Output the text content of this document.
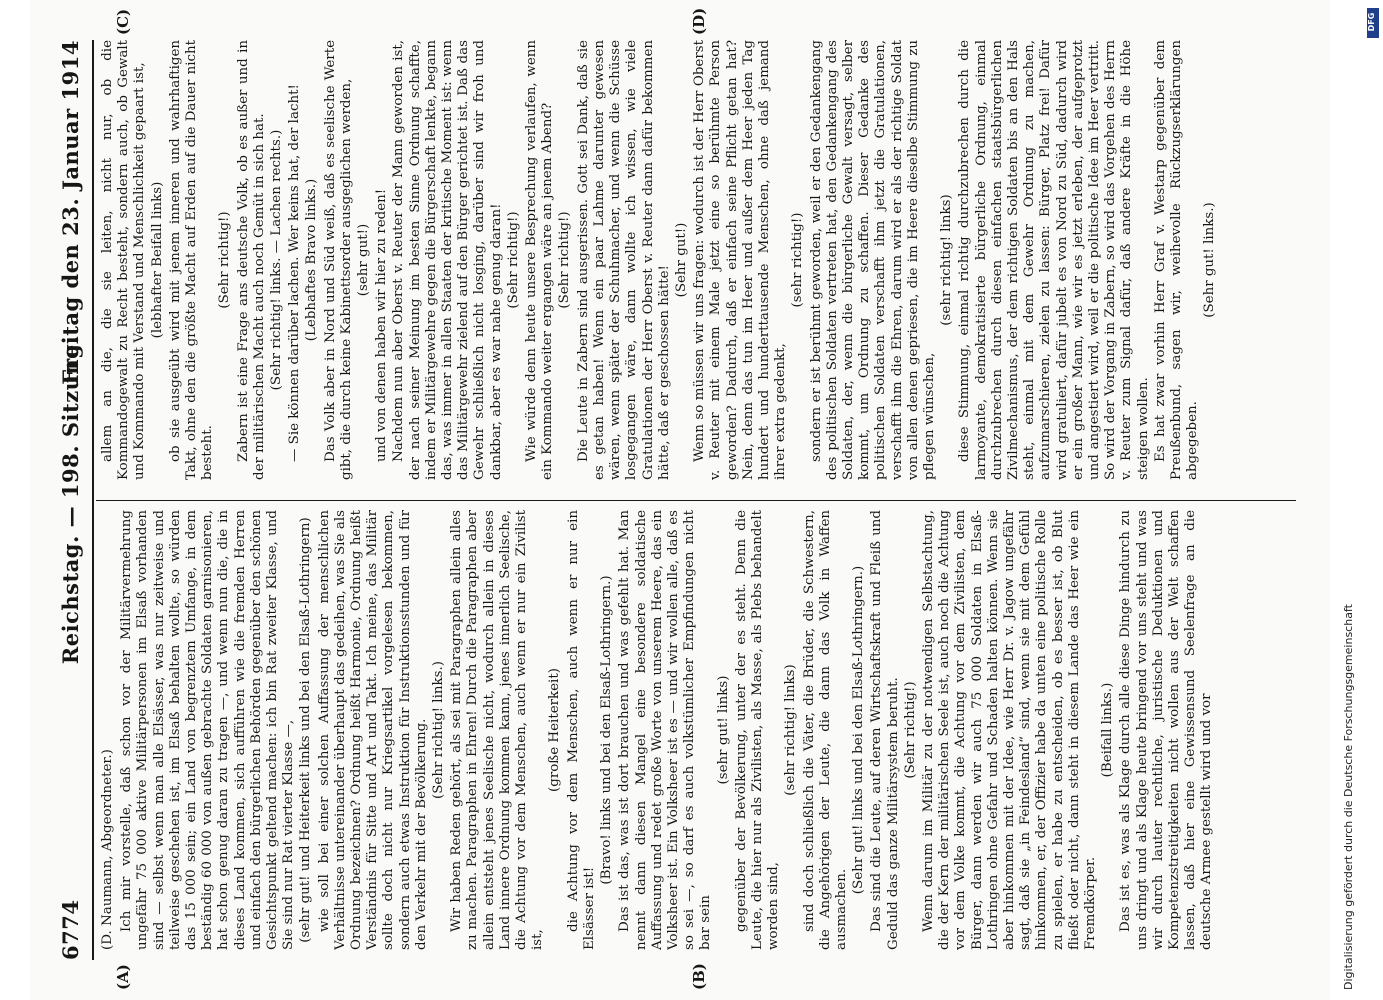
6774
Reichstag. — 198. Sitzung.
Freitag den 23. Januar 1914
(A)	(B)
(C)	(D)

(D. Naumann, Abgeordneter.) Ich mir vorstelle, daß schon vor der Militärvermehrung ungefähr 75 000 aktive Militärpersonen im Elsaß vorhanden sind — selbst wenn man alle Elsässer, was nur zeitweise und teilweise geschehen ist, im Elsaß behalten wollte, so würden das 15 000 sein; ein Land von begrenztem Umfange, in dem beständig 60 000 von außen gebrachte Soldaten garnisonieren, hat schon genug daran zu tragen —, und wenn nun die, die in dieses Land kommen, sich aufführen wie die fremden Herren und einfach den bürgerlichen Behörden gegenüber den schönen Gesichtspunkt geltend machen: ich bin Rat zweiter Klasse, und Sie sind nur Rat vierter Klasse —, (sehr gut! und Heiterkeit links und bei den Elsaß-Lothringern) wie soll bei einer solchen Auffassung der menschlichen Verhältnisse untereinander überhaupt das gedeihen, was Sie als Ordnung bezeichnen? Ordnung heißt Harmonie, Ordnung heißt Verständnis für Sitte und Art und Takt. Ich meine, das Militär sollte doch nicht nur Kriegsartikel vorgelesen bekommen, sondern auch etwas Instruktion für Instruktionsstunden und für den Verkehr mit der Bevölkerung. (Sehr richtig! links.) Wir haben Reden gehört, als sei mit Paragraphen allein alles zu machen. Paragraphen in Ehren! Durch die Paragraphen aber allein entsteht jenes Seelische nicht, wodurch allein in dieses Land innere Ordnung kommen kann, jenes innerlich Seelische, die Achtung vor dem Menschen, auch wenn er nur ein Zivilist ist,

(große Heiterkeit) die Achtung vor dem Menschen, auch wenn er nur ein Elsässer ist!

(Bravo! links und bei den Elsaß-Lothringern.) Das ist das, was ist dort brauchen und was gefehlt hat. Man nennt dann diesen Mangel eine besondere soldatische Auffassung und redet große Worte von unserem Heere, das ein Volksheer ist. Ein Volksheer ist es — und wir wollen alle, daß es so sei —, so darf es auch volkstümlicher Empfindungen nicht bar sein

(sehr gut! links) gegenüber der Bevölkerung, unter der es steht. Denn die Leute, die hier nur als Zivilisten, als Masse, als Plebs behandelt worden sind,

(sehr richtig! links) sind doch schließlich die Väter, die Brüder, die Schwestern, die Angehörigen der Leute, die dann das Volk in Waffen ausmachen.

(Sehr gut! links und bei den Elsaß-Lothringern.) Das sind die Leute, auf deren Wirtschaftskraft und Fleiß und Geduld das ganze Militärsystem beruht. (Sehr richtig!) Wenn darum im Militär zu der notwendigen Selbstachtung, die der Kern der militärischen Seele ist, auch noch die Achtung vor dem Volke kommt, die Achtung vor dem Zivilisten, dem Bürger, dann werden wir auch 75 000 Soldaten in Elsaß-Lothringen ohne Gefahr und Schaden halten können. Wenn sie aber hinkommen mit der Idee, wie Herr Dr. v. Jagow ungefähr sagt, daß sie „in Feindesland“ sind, wenn sie mit dem Gefühl hinkommen, er, der Offizier habe da unten eine politische Rolle zu spielen, er habe zu entscheiden, ob es besser ist, ob Blut fließt oder nicht, dann steht in diesem Lande das Heer wie ein Fremdkörper.

(Beifall links.) Das ist es, was als Klage durch alle diese Dinge hindurch zu uns dringt und als Klage heute bringend vor uns steht und was wir durch lauter rechtliche, juristische Deduktionen und Kompetenzstreitigkeiten nicht wollen aus der Welt schaffen lassen, daß hier eine Gewissensund Seelenfrage an die deutsche Armee gestellt wird und vor

allem an die, die sie leiten, nicht nur, ob die Kommandogewalt zu Recht besteht, sondern auch, ob Gewalt und Kommando mit Verstand und Menschlichkeit gepaart ist, (lebhafter Beifall links) ob sie ausgeübt wird mit jenem inneren und wahrhaftigen Takt, ohne den die größte Macht auf Erden auf die Dauer nicht besteht.

(Sehr richtig!) Zabern ist eine Frage ans deutsche Volk, ob es außer und in der militärischen Macht auch noch Gemüt in sich hat. (Sehr richtig! links. — Lachen rechts.) — Sie können darüber lachen. Wer keins hat, der lacht! (Lebhaftes Bravo links.) Das Volk aber in Nord und Süd weiß, daß es seelische Werte gibt, die durch keine Kabinettsorder ausgeglichen werden, (sehr gut!) und von denen haben wir hier zu reden! Nachdem nun aber Oberst v. Reuter der Mann geworden ist, der nach seiner Meinung im besten Sinne Ordnung schaffte, indem er Militärgewehre gegen die Bürgerschaft lenkte, begann das, was immer in allen Staaten der kritische Moment ist: wenn das Militärgewehr zielend auf den Bürger gerichtet ist. Daß das Gewehr schließlich nicht losging, darüber sind wir froh und dankbar, aber es war nahe genug daran! (Sehr richtig!) Wie würde denn heute unsere Besprechung verlaufen, wenn ein Kommando weiter ergangen wäre an jenem Abend? (Sehr richtig!) Die Leute in Zabern sind ausgerissen. Gott sei Dank, daß sie es getan haben! Wenn ein paar Lahme darunter gewesen wären, wenn später der Schuhmacher, und wenn die Schüsse losgegangen wäre, dann wollte ich wissen, wie viele Gratulationen der Herr Oberst v. Reuter dann dafür bekommen hätte, daß er geschossen hätte!

(Sehr gut!) Wenn so müssen wir uns fragen: wodurch ist der Herr Oberst v. Reuter mit einem Male jetzt eine so berühmte Person geworden? Dadurch, daß er einfach seine Pflicht getan hat? Nein, denn das tun im Heer und außer dem Heer jeden Tag hundert und hunderttausende Menschen, ohne daß jemand ihrer extra gedenkt,

(sehr richtig!) sondern er ist berühmt geworden, weil er den Gedankengang des politischen Soldaten vertreten hat, den Gedankengang des Soldaten, der, wenn die bürgerliche Gewalt versagt, selber kommt, um Ordnung zu schaffen. Dieser Gedanke des politischen Soldaten verschafft ihm jetzt die Gratulationen, verschafft ihm die Ehren, darum wird er als der richtige Soldat von allen denen gepriesen, die im Heere dieselbe Stimmung zu pflegen wünschen,

(sehr richtig! links) diese Stimmung, einmal richtig durchzubrechen durch die larmoyante, demokratisierte bürgerliche Ordnung, einmal durchzubrechen durch diesen einfachen staatsbürgerlichen Zivilmechanismus, der dem richtigen Soldaten bis an den Hals steht, einmal mit dem Gewehr Ordnung zu machen, aufzumarschieren, zielen zu lassen: Bürger, Platz frei! Dafür wird gratuliert, dafür jubelt es von Nord zu Süd, dadurch wird er ein großer Mann, wie wir es jetzt erleben, der aufgeprotzt und angestiert wird, weil er die politische Idee im Heer vertritt. So wird der Vorgang in Zabern, so wird das Vorgehen des Herrn v. Reuter zum Signal dafür, daß andere Kräfte in die Höhe steigen wollen. Es hat zwar vorhin Herr Graf v. Westarp gegenüber dem Preußenbund, sagen wir, weihevolle Rückzugserklärungen abgegeben.

(Sehr gut! links.)

Digitalisierung gefördert durch die Deutsche Forschungsgemeinschaft
DFG
